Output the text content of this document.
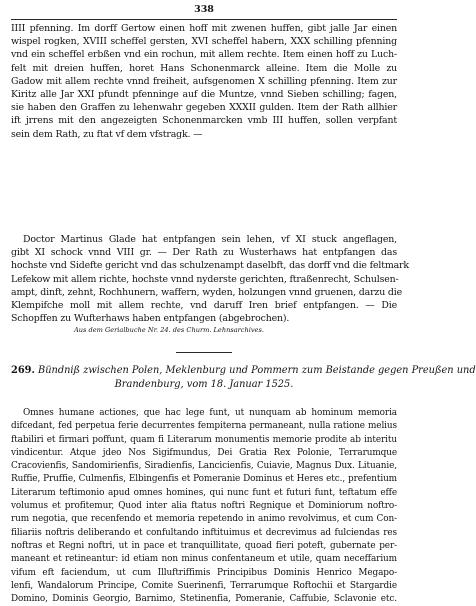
338
IIII pfenning. Im dorff Gertow einen hoff mit zwenen huffen, gibt jalle Jar einen
wispel rogken, XVIII scheffel gersten, XVI scheffel habern, XXX schilling pfenning
vnd ein scheffel erbßen vnd ein rochun, mit allem rechte. Item einen hoff zu Luch-
felt mit dreien huffen, horet Hans Schonenmarck alleine. Item die Molle zu
Gadow mit allem rechte vnnd freiheit, aufsgenomen X schilling pfenning. Item zur
Kiritz alle Jar XXI pfundt pfenninge auf die Muntze, vnnd Sieben schilling; fagen,
sie haben den Graffen zu lehenwahr gegeben XXXII gulden. Item der Rath allhier
ift jrrens mit den angezeigten Schonenmarcken vmb III huffen, sollen verpfant
sein dem Rath, zu ftat vf dem vfstragk. —
Doctor Martinus Glade hat entpfangen sein lehen, vf XI stuck angeflagen,
gibt XI schock vnnd VIII gr. — Der Rath zu Wusterhaws hat entpfangen das
hochste vnd Sidefte gericht vnd das schulzenampt daselbft, das dorff vnd die feltmark
Lefekow mit allem richte, hochste vnnd nyderste gerichten, ftraßenrecht, Schulsen-
ampt, dinft, zehnt, Rochhunern, waffern, wyden, holzungen vnnd gruenen, darzu die
Klempifche moll mit allem rechte, vnd daruff Iren brief entpfangen. — Die
Schopffen zu Wufterhaws haben entpfangen (abgebrochen).
Aus dem Gerialbuche Nr. 24. des Churm. Lehnsarchives.
269. Bündniß zwischen Polen, Meklenburg und Pommern zum Beistande gegen Preußen und
Brandenburg, vom 18. Januar 1525.
Omnes humane actiones, que hac lege funt, ut nunquam ab hominum memoria
difcedant, fed perpetua ferie decurrentes fempiterna permaneant, nulla ratione melius
ftabiliri et firmari poffunt, quam fi Literarum monumentis memorie prodite ab interitu
vindicentur. Atque jdeo Nos Sigifmundus, Dei Gratia Rex Polonie, Terrarumque
Cracovienfis, Sandomirienfis, Siradienfis, Lancicienfis, Cuiavie, Magnus Dux. Lituanie,
Ruffie, Pruffie, Culmenfis, Elbingenfis et Pomeranie Dominus et Heres etc., prefentium
Literarum teftimonio apud omnes homines, qui nunc funt et futuri funt, teftatum effe
volumus et profitemur, Quod inter alia ftatus noftri Regnique et Dominiorum noftro-
rum negotia, que recenfendo et memoria repetendo in animo revolvimus, et cum Con-
filiariis noftris deliberando et confultando inftituimus et decrevimus ad fulciendas res
noftras et Regni noftri, ut in pace et tranquillitate, quoad fieri poteft, gubernate per-
maneant et retineantur: id etiam non minus confentaneum et utile, quam neceffarium
vifum eft faciendum, ut cum Illuftriffimis Principibus Dominis Henrico Megapo-
lenfi, Wandalorum Principe, Comite Suerinenfi, Terrarumque Roftochii et Stargardie
Domino, Dominis Georgio, Barnimo, Stetinenfia, Pomeranie, Caffubie, Sclavonie etc.
